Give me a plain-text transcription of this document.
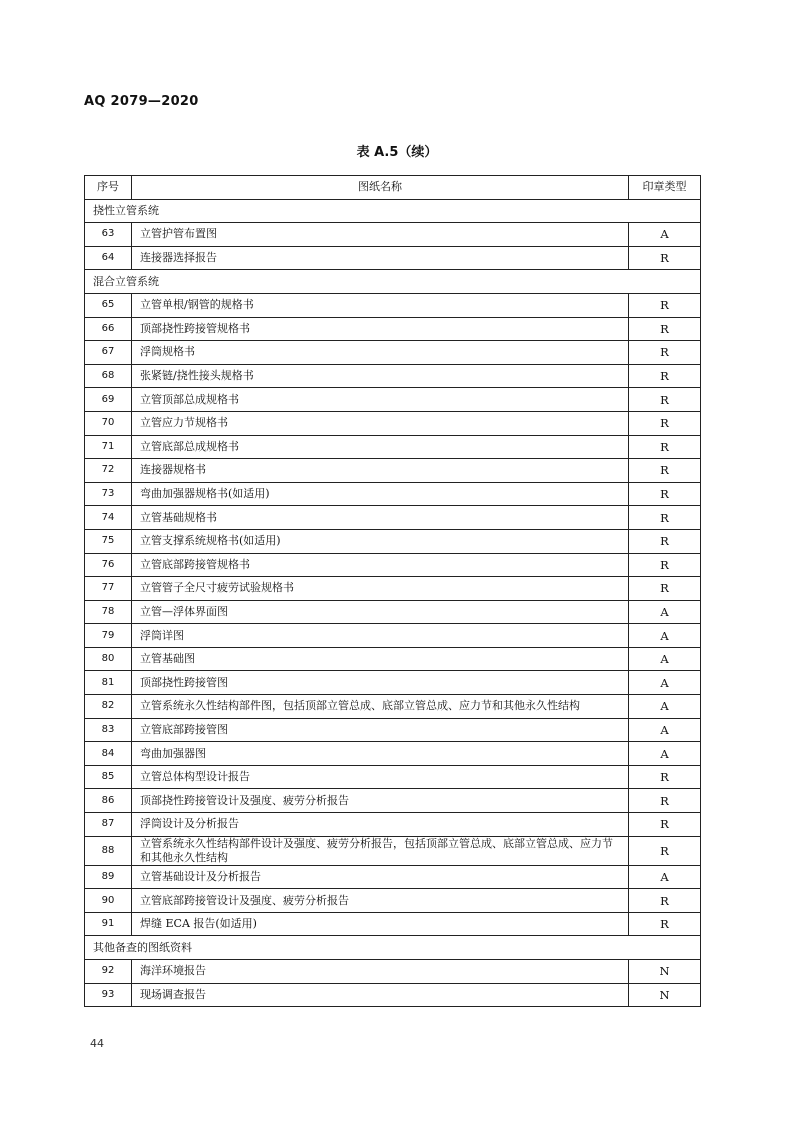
AQ 2079—2020
表 A.5（续）
序号	图纸名称	印章类型
挠性立管系统		
63	立管护管布置图	A
64	连接器选择报告	R
混合立管系统		
65	立管单根/钢管的规格书	R
66	顶部挠性跨接管规格书	R
67	浮筒规格书	R
68	张紧链/挠性接头规格书	R
69	立管顶部总成规格书	R
70	立管应力节规格书	R
71	立管底部总成规格书	R
72	连接器规格书	R
73	弯曲加强器规格书(如适用)	R
74	立管基础规格书	R
75	立管支撑系统规格书(如适用)	R
76	立管底部跨接管规格书	R
77	立管管子全尺寸疲劳试验规格书	R
78	立管—浮体界面图	A
79	浮筒详图	A
80	立管基础图	A
81	顶部挠性跨接管图	A
82	立管系统永久性结构部件图，包括顶部立管总成、底部立管总成、应力节和其他永久性结构	A
83	立管底部跨接管图	A
84	弯曲加强器图	A
85	立管总体构型设计报告	R
86	顶部挠性跨接管设计及强度、疲劳分析报告	R
87	浮筒设计及分析报告	R
88	立管系统永久性结构部件设计及强度、疲劳分析报告，包括顶部立管总成、底部立管总成、应力节和其他永久性结构	R
89	立管基础设计及分析报告	A
90	立管底部跨接管设计及强度、疲劳分析报告	R
91	焊缝 ECA 报告(如适用)	R
其他备查的图纸资料		
92	海洋环境报告	N
93	现场调查报告	N
44
